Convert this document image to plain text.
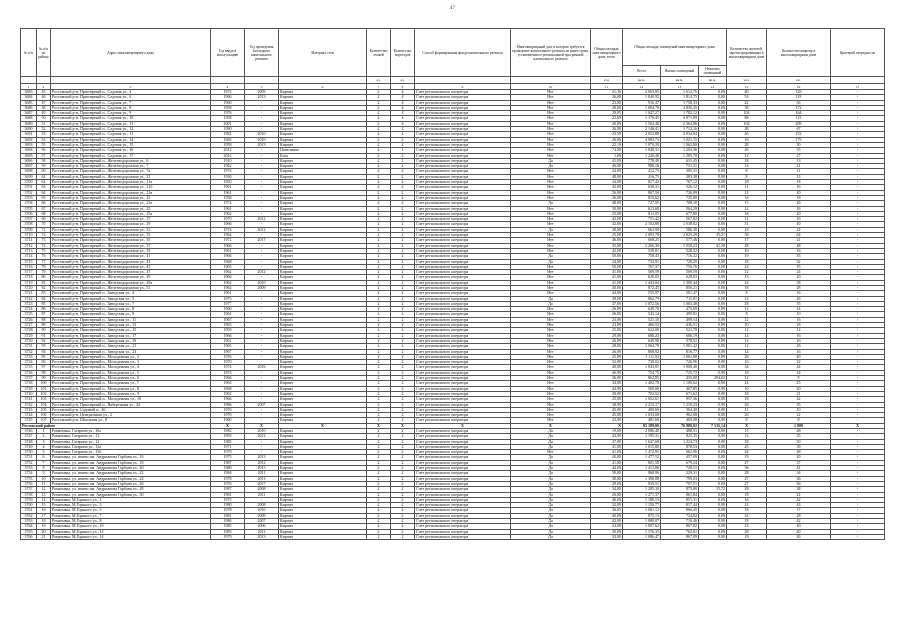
47
№ п/п	№ п/п по району	Адрес многоквартирного дома	Год ввода в эксплуатацию	Год проведения последнего капитального ремонта	Материал стен	Количество этажей	Количество подъездов	Способ формирования фонда капитального ремонта	Многоквартирный дом, в котором требуется проведение капитального ремонта не ранее срока, установленного региональной программой капитального ремонта	Общая площадь многоквартирного дома, всего	Общая площадь помещений многоквартирного дома			Количество жителей, зарегистрированных в многоквартирном доме	Количество квартир в многоквартирном доме	Критерий очередности
											Всего	Жилых помещений	Нежилых помещений			
						ед.	ед.			год	кв.м.	кв.м.	кв.м.	чел.	шт.	
1	2	3	4	5	6	7	8	9	10	11	12	13	14	15	16	17
3683	45	Ростовский р-н, Приозерный п., Садовая ул., 4	1972	2005	Кирпич	2	4	Счет регионального оператора	Нет	21,36	2 063,95	1 612,76	0,00	40	129	-
3684	46	Ростовский р-н, Приозерный п., Садовая ул., 6	1966	2013	Кирпич	2	4	Счет регионального оператора	Нет	26,08	1 840,95	1 814,75	0,00	53	119	-
3685	47	Ростовский р-н, Приозерный п., Садовая ул., 7	1960	-	Кирпич	2	4	Счет регионального оператора	Нет	23,00	916,47	1 758,33	0,00	42	56	-
3686	48	Ростовский р-н, Приозерный п., Садовая ул., 8	1958	-	Кирпич	2	4	Счет регионального оператора	Нет	28,00	1 064,78	4 836,35	0,00	38	172	-
3687	49	Ростовский р-н, Приозерный п., Садовая ул., 9	1976	-	Кирпич	2	4	Счет регионального оператора	Нет	29,05	1 047,27	1 782,12	0,00	104	164	-
3688	50	Ростовский р-н, Приозерный п., Садовая ул., 10	1958	-	Кирпич	2	4	Счет регионального оператора	Нет	22,69	1 176,45	4 071,99	0,00	88	115	-
3689	51	Ростовский р-н, Приозерный п., Садовая ул., 11	2001	-	Кирпич	2	4	Счет регионального оператора	Нет	30,09	1 564,48	2 364,86	0,00	102	209	-
3690	52	Ростовский р-н, Приозерный п., Садовая ул., 12	1990	-	Кирпич	2	2	Счет регионального оператора	Нет	26,00	2 146,41	1 712,16	0,00	48	67	-
3691	53	Ростовский р-н, Приозерный п., Садовая ул., 13	1982	2010	Кирпич	2	4	Счет регионального оператора	Нет	23,59	2 052,88	2 034,84	0,00	40	152	-
3692	54	Ростовский р-н, Приозерный п., Садовая ул., 14	1965	2010	Кирпич	2	2	Счет регионального оператора	Нет	26,06	4 083,73	1 021,15	0,00	16	179	-
3693	55	Ростовский р-н, Приозерный п., Садовая ул., 15	1958	2013	Кирпич	2	2	Счет регионального оператора	Нет	22,19	1 070,20	1 062,00	0,00	28	30	-
3694	56	Ростовский р-н, Приозерный п., Садовая ул., 16	2012	-	Панельные	2	1	Счет регионального оператора	Нет	74,00	1 849,31	1 203,36	0,00	26	35	-
3695	57	Ростовский р-н, Приозерный п., Садовая ул., 17	2012	-	Блок	2	2	Счет регионального оператора	Нет	1,00	1 226,40	1 205,70	0,00	12	27	-
3696	58	Ростовский р-н, Приозерный п., Железнодорожная ул., 6	1910	-	Кирпич	2	1	Счет регионального оператора	Да	41,09	778,49	631,45	0,00	18	13	-
3697	59	Ростовский р-н, Приозерный п., Железнодорожная ул., 7	1962	-	Кирпич	2	2	Счет регионального оператора	Да	46,00	986,16	751,31	0,00	14	21	-
3698	60	Ростовский р-н, Приозерный п., Железнодорожная ул., 7а	1974	-	Кирпич	2	2	Счет регионального оператора	Нет	24,00	412,73	385,31	0,00	8	11	-
3699	61	Ростовский р-н, Приозерный п., Железнодорожная ул., 21	1930	-	Кирпич	2	2	Счет регионального оператора	Нет	48,00	416,75	383,38	0,00	8	13	-
3700	62	Ростовский р-н, Приозерный п., Железнодорожная ул., 21а	1950	-	Кирпич	2	2	Счет регионального оператора	Нет	24,00	817,42	767,12	0,00	18	18	-
3701	63	Ростовский р-н, Приозерный п., Железнодорожная ул., 21б	1961	-	Кирпич	2	2	Счет регионального оператора	Нет	42,00	638,31	526,12	0,00	11	16	-
3702	64	Ростовский р-н, Приозерный п., Железнодорожная ул., 21в	1961	-	Кирпич	2	2	Счет регионального оператора	Нет	26,00	867,50	726,89	0,00	12	20	-
3703	65	Ростовский р-н, Приозерный п., Железнодорожная ул., 23	1958	-	Кирпич	2	2	Счет регионального оператора	Нет	26,00	815,62	735,80	0,00	16	18	-
3704	66	Ростовский р-н, Приозерный п., Железнодорожная ул., 23а	1974	-	Кирпич	2	2	Счет регионального оператора	Да	48,00	727,95	708,10	0,00	15	26	-
3705	67	Ростовский р-н, Приозерный п., Железнодорожная ул., 25	1961	-	Кирпич	2	2	Счет регионального оператора	Нет	30,00	612,68	564,29	0,00	12	16	-
3706	68	Ростовский р-н, Приозерный п., Железнодорожная ул., 25а	1962	-	Кирпич	2	2	Счет регионального оператора	Нет	25,00	811,05	677,80	0,00	18	20	-
3707	69	Ростовский р-н, Приозерный п., Железнодорожная ул., 27	1970	2012	Кирпич	2	2	Счет регионального оператора	Нет	42,00	751,42	567,82	0,00	12	16	-
3708	70	Ростовский р-н, Приозерный п., Железнодорожная ул., 29	1966	-	Кирпич	2	2	Счет регионального оператора	Нет	42,00	2 102,80	1 038,82	0,00	31	40	-
3709	71	Ростовский р-н, Приозерный п., Железнодорожная ул., 31	1974	2012	Кирпич	2	2	Счет регионального оператора	Да	38,00	663,98	586,38	0,00	16	24	-
3710	72	Ростовский р-н, Приозерный п., Железнодорожная ул., 33	1962	-	Кирпич	2	2	Счет регионального оператора	Нет	25,00	2 093,78	2 025,29	35,21	38	64	-
3711	73	Ростовский р-н, Приозерный п., Железнодорожная ул., 35	1972	2017	Кирпич	2	2	Счет регионального оператора	Нет	46,00	668,25	577,46	0,00	17	21	-
3712	74	Ростовский р-н, Приозерный п., Железнодорожная ул., 37	1966	-	Кирпич	2	2	Счет регионального оператора	Нет	35,00	2 266,30	1 958,23	41,30	28	48	-
3713	75	Ростовский р-н, Приозерный п., Железнодорожная ул., 39	1961	-	Кирпич	2	2	Счет регионального оператора	Нет	42,00	539,81	528,52	0,00	16	16	-
3714	76	Ростовский р-н, Приозерный п., Железнодорожная ул., 41	1966	-	Кирпич	2	2	Счет регионального оператора	Да	50,00	758,43	716,32	0,00	19	33	-
3715	77	Ростовский р-н, Приозерный п., Железнодорожная ул., 43	1968	-	Кирпич	2	2	Счет регионального оператора	Да	24,00	732,91	728,29	0,00	16	32	-
3716	78	Ростовский р-н, Приозерный п., Железнодорожная ул., 45	1965	-	Кирпич	2	2	Счет регионального оператора	Нет	50,00	767,37	756,76	0,00	22	35	-
3717	79	Ростовский р-н, Приозерный п., Железнодорожная ул., 47	1962	2012	Кирпич	2	2	Счет регионального оператора	Нет	41,00	569,59	569,59	0,00	12	24	-
3718	80	Ростовский р-н, Приозерный п., Железнодорожная ул., 49	1966	-	Кирпич	2	2	Счет регионального оператора	Нет	41,00	628,03	628,03	0,00	15	20	-
3719	81	Ростовский р-н, Приозерный п., Железнодорожная ул., 49а	1962	2010	Кирпич	2	2	Счет регионального оператора	Нет	41,00	1 443,04	1 300,44	0,00	24	38	-
3720	82	Ростовский р-н, Приозерный п., Железнодорожная ул., 51	1962	2009	Кирпич	2	2	Счет регионального оператора	Нет	40,00	872,45	856,21	0,00	18	28	-
3721	83	Ростовский р-н, Приозерный п., Заводская ул., 4	1961	-	Кирпич	2	2	Счет регионального оператора	Нет	44,00	555,97	501,47	0,00	8	16	-
3722	84	Ростовский р-н, Приозерный п., Заводская ул., 5	1975	-	Кирпич	2	2	Счет регионального оператора	Да	38,00	862,79	711,81	0,00	12	26	-
3723	85	Ростовский р-н, Приозерный п., Заводская ул., 7	1977	-	Кирпич	2	2	Счет регионального оператора	Да	37,00	1 072,56	1 003,48	0,00	18	35	-
3724	86	Ростовский р-н, Приозерный п., Заводская ул., 8	1960	-	Кирпич	2	2	Счет регионального оператора	Нет	26,00	649,70	475,69	0,00	12	14	-
3725	87	Ростовский р-н, Приозерный п., Заводская ул., 9	1961	-	Кирпич	2	2	Счет регионального оператора	Нет	26,00	543,14	499,81	0,00	8	10	-
3726	88	Ростовский р-н, Приозерный п., Заводская ул., 11	1967	-	Кирпич	2	2	Счет регионального оператора	Нет	23,00	521,10	499,14	0,00	12	16	-
3727	89	Ростовский р-н, Приозерный п., Заводская ул., 13	1965	-	Кирпич	2	2	Счет регионального оператора	Нет	23,00	466,53	436,51	0,00	10	18	-
3728	90	Ростовский р-н, Приозерный п., Заводская ул., 15	1959	-	Кирпич	2	2	Счет регионального оператора	Нет	25,00	622,00	521,78	0,00	12	12	-
3729	91	Ростовский р-н, Приозерный п., Заводская ул., 17	1966	-	Кирпич	2	2	Счет регионального оператора	Нет	29,00	686,23	606,19	0,00	14	16	-
3730	92	Ростовский р-н, Приозерный п., Заводская ул., 19	1961	-	Кирпич	2	2	Счет регионального оператора	Нет	26,00	649,98	578,52	0,00	12	16	-
3731	93	Ростовский р-н, Приозерный п., Заводская ул., 21	1965	-	Кирпич	2	2	Счет регионального оператора	Нет	28,00	1 064,78	1 001,42	0,00	12	26	-
3732	94	Ростовский р-н, Приозерный п., Заводская ул., 23	1967	-	Кирпич	2	2	Счет регионального оператора	Нет	26,00	868,92	816,77	0,00	14	16	-
3733	95	Ростовский р-н, Приозерный п., Молодежная ул., 2	1976	-	Кирпич	2	2	Счет регионального оператора	Нет	25,00	1 111,93	1 061,98	0,00	28	40	-
3734	96	Ростовский р-н, Приозерный п., Молодежная ул., 3	1970	-	Кирпич	2	2	Счет регионального оператора	Нет	32,00	738,02	726,96	0,00	16	22	-
3735	97	Ростовский р-н, Приозерный п., Молодежная ул., 4	1974	2016	Кирпич	2	2	Счет регионального оператора	Нет	40,00	1 843,81	1 808,40	0,00	34	44	-
3736	98	Ростовский р-н, Приозерный п., Молодежная ул., 5	1973	-	Кирпич	2	2	Счет регионального оператора	Нет	46,00	754,75	725,72	0,00	18	24	-
3737	99	Ростовский р-н, Приозерный п., Молодежная ул., 6	1966	-	Кирпич	2	2	Счет регионального оператора	Нет	36,00	862,85	435,00	294,02	12	9	-
3738	100	Ростовский р-н, Приозерный п., Молодежная ул., 7	1963	-	Кирпич	2	2	Счет регионального оператора	Нет	34,00	1 402,70	1 100,62	0,00	24	25	-
3739	101	Ростовский р-н, Приозерный п., Молодежная ул., 8	1968	-	Кирпич	2	2	Счет регионального оператора	Нет	44,00	569,00	467,85	0,00	10	20	-
3740	102	Ростовский р-н, Приозерный п., Молодежная ул., 9	1962	-	Кирпич	2	2	Счет регионального оператора	Нет	39,00	702,52	671,62	0,00	18	21	-
3741	103	Ростовский р-н, Приозерный п., Молодежная ул., 10	1966	-	Кирпич	2	2	Счет регионального оператора	Нет	25,00	1 052,61	957,36	0,00	18	42	-
3742	104	Ростовский р-н, Приозерный п., Набережная ул., 24	1986	2007	Кирпич	2	2	Счет регионального оператора	Нет	38,00	2 213,17	1 210,23	0,00	26	35	-
3743	105	Ростовский р-н, Садовый п., 46	1976	-	Кирпич	2	2	Счет регионального оператора	Нет	45,00	400,60	304,49	0,00	11	10	-
3744	106	Ростовский р-н, Центральная ул., 2	1970	-	Кирпич	2	2	Счет регионального оператора	Нет	45,00	1 033,68	962,68	0,00	26	22	-
3745	107	Ростовский р-н, Школьная ул., 8	1960	-	Кирпич	2	2	Счет регионального оператора	Нет	23,00	481,60	469,08	0,00	8	8	-
Ростовский район			X	X	X	X	X	X	X	X	85 189,00	76 980,02	7 135,14	X	1 800	X
3746	1	Романовка, Гагарина ул., 10а	1982	2010	Кирпич	2	2	Счет регионального оператора	Да	19,00	2 086,48	488,51	0,00	15	48	-
3747	2	Романовка, Гагарина ул., 11	1993	2012	Кирпич	2	2	Счет регионального оператора	Да	43,00	1 195,31	825,35	0,00	12	35	-
3748	3	Романовка, Гагарина ул., 12	1985	-	Кирпич	2	2	Счет регионального оператора	Да	47,00	1 647,68	1 324,73	0,00	18	50	-
3749	4	Романовка, Гагарина ул., 13а	1971	-	Кирпич	2	2	Счет регионального оператора	Да	41,00	1 015,80	878,53	0,00	25	39	-
3750	5	Романовка, Гагарина ул., 15б	1970	-	Кирпич	2	2	Счет регионального оператора	Нет	41,00	1 472,95	662,96	0,00	24	48	-
3751	6	Романовка, ул. имени им. Андрианова Горбаня ул., 16	1975	2013	Кирпич	2	2	Счет регионального оператора	Да	20,00	1 477,52	457,09	0,00	19	20	-
3752	7	Романовка, ул. имени им. Андрианова Горбаня ул., 18	1987	2012	Кирпич	2	2	Счет регионального оператора	Да	41,00	801,58	679,24	0,00	27	37	-
3753	8	Романовка, ул. имени им. Андрианова Горбаня ул., 20	1980	2015	Кирпич	2	2	Счет регионального оператора	Да	44,00	1 413,88	728,51	0,00	36	41	-
3754	9	Романовка, ул. имени им. Андрианова Горбаня ул., 22	1984	2011	Кирпич	2	2	Счет регионального оператора	Да	50,00	868,96	229,31	0,00	28	34	-
3755	10	Романовка, ул. имени им. Андрианова Горбаня ул., 24	1978	2013	Кирпич	2	2	Счет регионального оператора	Да	30,00	1 390,88	799,03	0,00	27	36	-
3756	11	Романовка, ул. имени им. Андрианова Горбаня ул., 26	1976	2017	Кирпич	2	2	Счет регионального оператора	Да	29,00	935,51	707,51	0,00	27	36	-
3757	12	Романовка, ул. имени им. Андрианова Горбаня ул., 28	1987	2008	Кирпич	2	2	Счет регионального оператора	Да	34,00	1 285,30	875,00	15,72	28	38	-
3758	13	Романовка, ул. имени им. Андрианова Горбаня ул., 30	1981	2011	Кирпич	2	2	Счет регионального оператора	Да	26,00	1 271,37	861,84	0,00	18	22	-
3759	14	Романовка, М.Горького ул., 1	1975	-	Кирпич	2	2	Счет регионального оператора	Да	46,00	1 186,13	851,31	0,00	16	42	-
3760	15	Романовка, М.Горького ул., 3	1980	2008	Кирпич	2	2	Счет регионального оператора	Да	32,00	1 156,77	817,44	0,00	14	43	-
3761	16	Романовка, М.Горького ул., 5	1978	2010	Кирпич	2	2	Счет регионального оператора	Да	36,05	1 061,12	866,45	0,00	18	37	-
3762	17	Романовка, М.Горького ул., 7	1981	2009	Кирпич	2	2	Счет регионального оператора	Да	40,00	875,13	724,82	0,00	24	28	-
3763	18	Романовка, М.Горького ул., 8	1986	2007	Кирпич	2	2	Счет регионального оператора	Да	42,00	1 080,07	716,46	0,00	18	42	-
3764	19	Романовка, М.Горького ул., 10	1985	2006	Кирпич	2	2	Счет регионального оператора	Да	34,00	1 097,62	867,82	0,00	23	40	-
3765	20	Романовка, М.Горького ул., 12	1983	2011	Кирпич	2	2	Счет регионального оператора	Да	30,00	1 376,35	762,61	0,00	28	40	-
3766	21	Романовка, М.Горького ул., 14	1979	2013	Кирпич	2	2	Счет регионального оператора	Да	33,00	1 086,47	867,89	0,00	18	26	-
